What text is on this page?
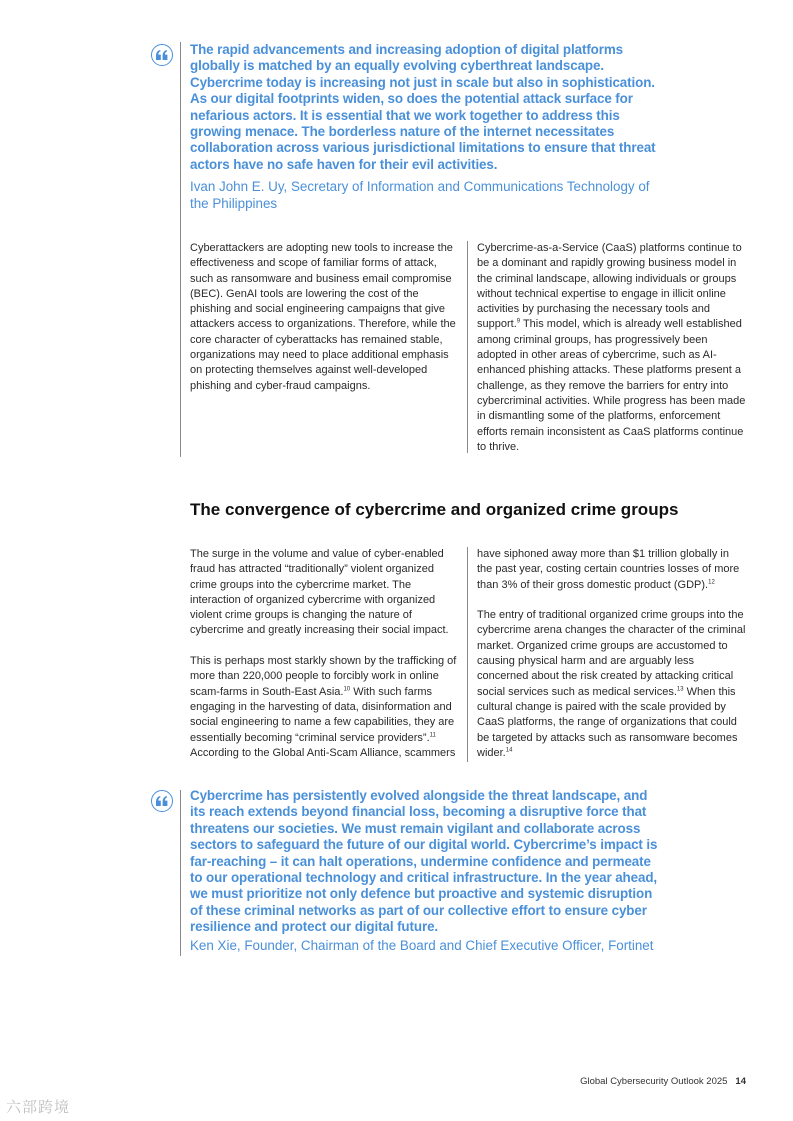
The rapid advancements and increasing adoption of digital platforms globally is matched by an equally evolving cyberthreat landscape. Cybercrime today is increasing not just in scale but also in sophistication. As our digital footprints widen, so does the potential attack surface for nefarious actors. It is essential that we work together to address this growing menace. The borderless nature of the internet necessitates collaboration across various jurisdictional limitations to ensure that threat actors have no safe haven for their evil activities.

Ivan John E. Uy, Secretary of Information and Communications Technology of the Philippines

Cyberattackers are adopting new tools to increase the effectiveness and scope of familiar forms of attack, such as ransomware and business email compromise (BEC). GenAI tools are lowering the cost of the phishing and social engineering campaigns that give attackers access to organizations. Therefore, while the core character of cyberattacks has remained stable, organizations may need to place additional emphasis on protecting themselves against well-developed phishing and cyber-fraud campaigns.

Cybercrime-as-a-Service (CaaS) platforms continue to be a dominant and rapidly growing business model in the criminal landscape, allowing individuals or groups without technical expertise to engage in illicit online activities by purchasing the necessary tools and support.$^9$ This model, which is already well established among criminal groups, has progressively been adopted in other areas of cybercrime, such as AI-enhanced phishing attacks. These platforms present a challenge, as they remove the barriers for entry into cybercriminal activities. While progress has been made in dismantling some of the platforms, enforcement efforts remain inconsistent as CaaS platforms continue to thrive.

The convergence of cybercrime and organized crime groups

The surge in the volume and value of cyber-enabled fraud has attracted “traditionally” violent organized crime groups into the cybercrime market. The interaction of organized cybercrime with organized violent crime groups is changing the nature of cybercrime and greatly increasing their social impact.

This is perhaps most starkly shown by the trafficking of more than 220,000 people to forcibly work in online scam-farms in South-East Asia.$^{10}$ With such farms engaging in the harvesting of data, disinformation and social engineering to name a few capabilities, they are essentially becoming “criminal service providers”.$^{11}$ According to the Global Anti-Scam Alliance, scammers

have siphoned away more than $1 trillion globally in the past year, costing certain countries losses of more than 3% of their gross domestic product (GDP).$^{12}$

The entry of traditional organized crime groups into the cybercrime arena changes the character of the criminal market. Organized crime groups are accustomed to causing physical harm and are arguably less concerned about the risk created by attacking critical social services such as medical services.$^{13}$ When this cultural change is paired with the scale provided by CaaS platforms, the range of organizations that could be targeted by attacks such as ransomware becomes wider.$^{14}$

Cybercrime has persistently evolved alongside the threat landscape, and its reach extends beyond financial loss, becoming a disruptive force that threatens our societies. We must remain vigilant and collaborate across sectors to safeguard the future of our digital world. Cybercrime’s impact is far-reaching – it can halt operations, undermine confidence and permeate to our operational technology and critical infrastructure. In the year ahead, we must prioritize not only defence but proactive and systemic disruption of these criminal networks as part of our collective effort to ensure cyber resilience and protect our digital future.

Ken Xie, Founder, Chairman of the Board and Chief Executive Officer, Fortinet

Global Cybersecurity Outlook 2025 14
六部跨境
